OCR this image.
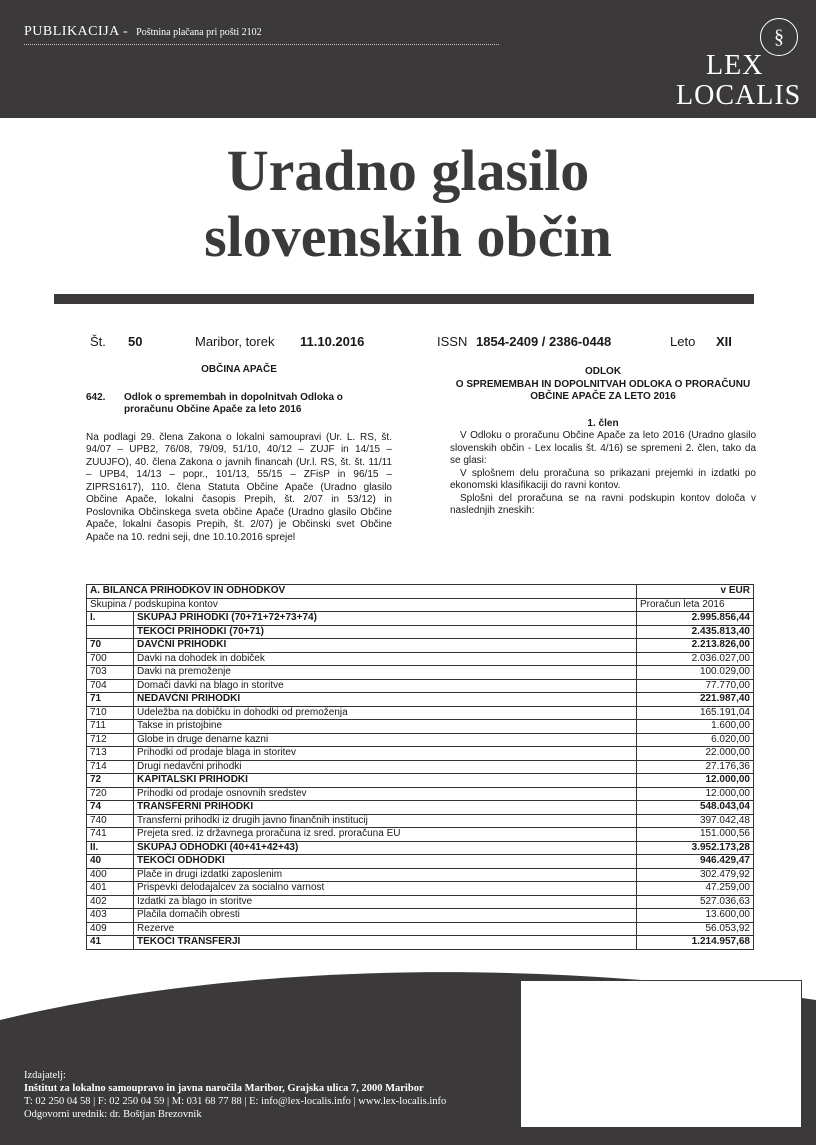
PUBLIKACIJA - Poštnina plačana pri pošti 2102	§
LEX
LOCALIS
Uradno glasilo
slovenskih občin
Št. 50	Maribor, torek 11.10.2016	ISSN 1854-2409 / 2386-0448	Leto XII
OBČINA APAČE
642.	Odlok o spremembah in dopolnitvah Odloka o proračunu Občine Apače za leto 2016
Na podlagi 29. člena Zakona o lokalni samoupravi (Ur. L. RS, št. 94/07 – UPB2, 76/08, 79/09, 51/10, 40/12 – ZUJF in 14/15 – ZUUJFO), 40. člena Zakona o javnih financah (Ur.l. RS, št. št. 11/11 – UPB4, 14/13 – popr., 101/13, 55/15 – ZFisP in 96/15 – ZIPRS1617), 110. člena Statuta Občine Apače (Uradno glasilo Občine Apače, lokalni časopis Prepih, št. 2/07 in 53/12) in Poslovnika Občinskega sveta občine Apače (Uradno glasilo Občine Apače, lokalni časopis Prepih, št. 2/07) je Občinski svet Občine Apače na 10. redni seji, dne 10.10.2016 sprejel
ODLOK
O SPREMEMBAH IN DOPOLNITVAH ODLOKA O PRORAČUNU OBČINE APAČE ZA LETO 2016
1. člen
V Odloku o proračunu Občine Apače za leto 2016 (Uradno glasilo slovenskih občin - Lex localis št. 4/16) se spremeni 2. člen, tako da se glasi:
V splošnem delu proračuna so prikazani prejemki in izdatki po ekonomski klasifikaciji do ravni kontov.
Splošni del proračuna se na ravni podskupin kontov določa v naslednjih zneskih:
A. BILANCA PRIHODKOV IN ODHODKOV		v EUR
Skupina / podskupina kontov		Proračun leta 2016
I.	SKUPAJ PRIHODKI (70+71+72+73+74)	2.995.856,44
	TEKOČI PRIHODKI (70+71)	2.435.813,40
70	DAVČNI PRIHODKI	2.213.826,00
700	Davki na dohodek in dobiček	2.036.027,00
703	Davki na premoženje	100.029,00
704	Domači davki na blago in storitve	77.770,00
71	NEDAVČNI PRIHODKI	221.987,40
710	Udeležba na dobičku in dohodki od premoženja	165.191,04
711	Takse in pristojbine	1.600,00
712	Globe in druge denarne kazni	6.020,00
713	Prihodki od prodaje blaga in storitev	22.000,00
714	Drugi nedavčni prihodki	27.176,36
72	KAPITALSKI PRIHODKI	12.000,00
720	Prihodki od prodaje osnovnih sredstev	12.000,00
74	TRANSFERNI PRIHODKI	548.043,04
740	Transferni prihodki iz drugih javno finančnih institucij	397.042,48
741	Prejeta sred. iz državnega proračuna iz sred. proračuna EU	151.000,56
II.	SKUPAJ ODHODKI (40+41+42+43)	3.952.173,28
40	TEKOČI ODHODKI	946.429,47
400	Plače in drugi izdatki zaposlenim	302.479,92
401	Prispevki delodajalcev za socialno varnost	47.259,00
402	Izdatki za blago in storitve	527.036,63
403	Plačila domačih obresti	13.600,00
409	Rezerve	56.053,92
41	TEKOČI TRANSFERJI	1.214.957,68
Izdajatelj:
Inštitut za lokalno samoupravo in javna naročila Maribor, Grajska ulica 7, 2000 Maribor
T: 02 250 04 58 | F: 02 250 04 59 | M: 031 68 77 88 | E: info@lex-localis.info | www.lex-localis.info
Odgovorni urednik: dr. Boštjan Brezovnik
